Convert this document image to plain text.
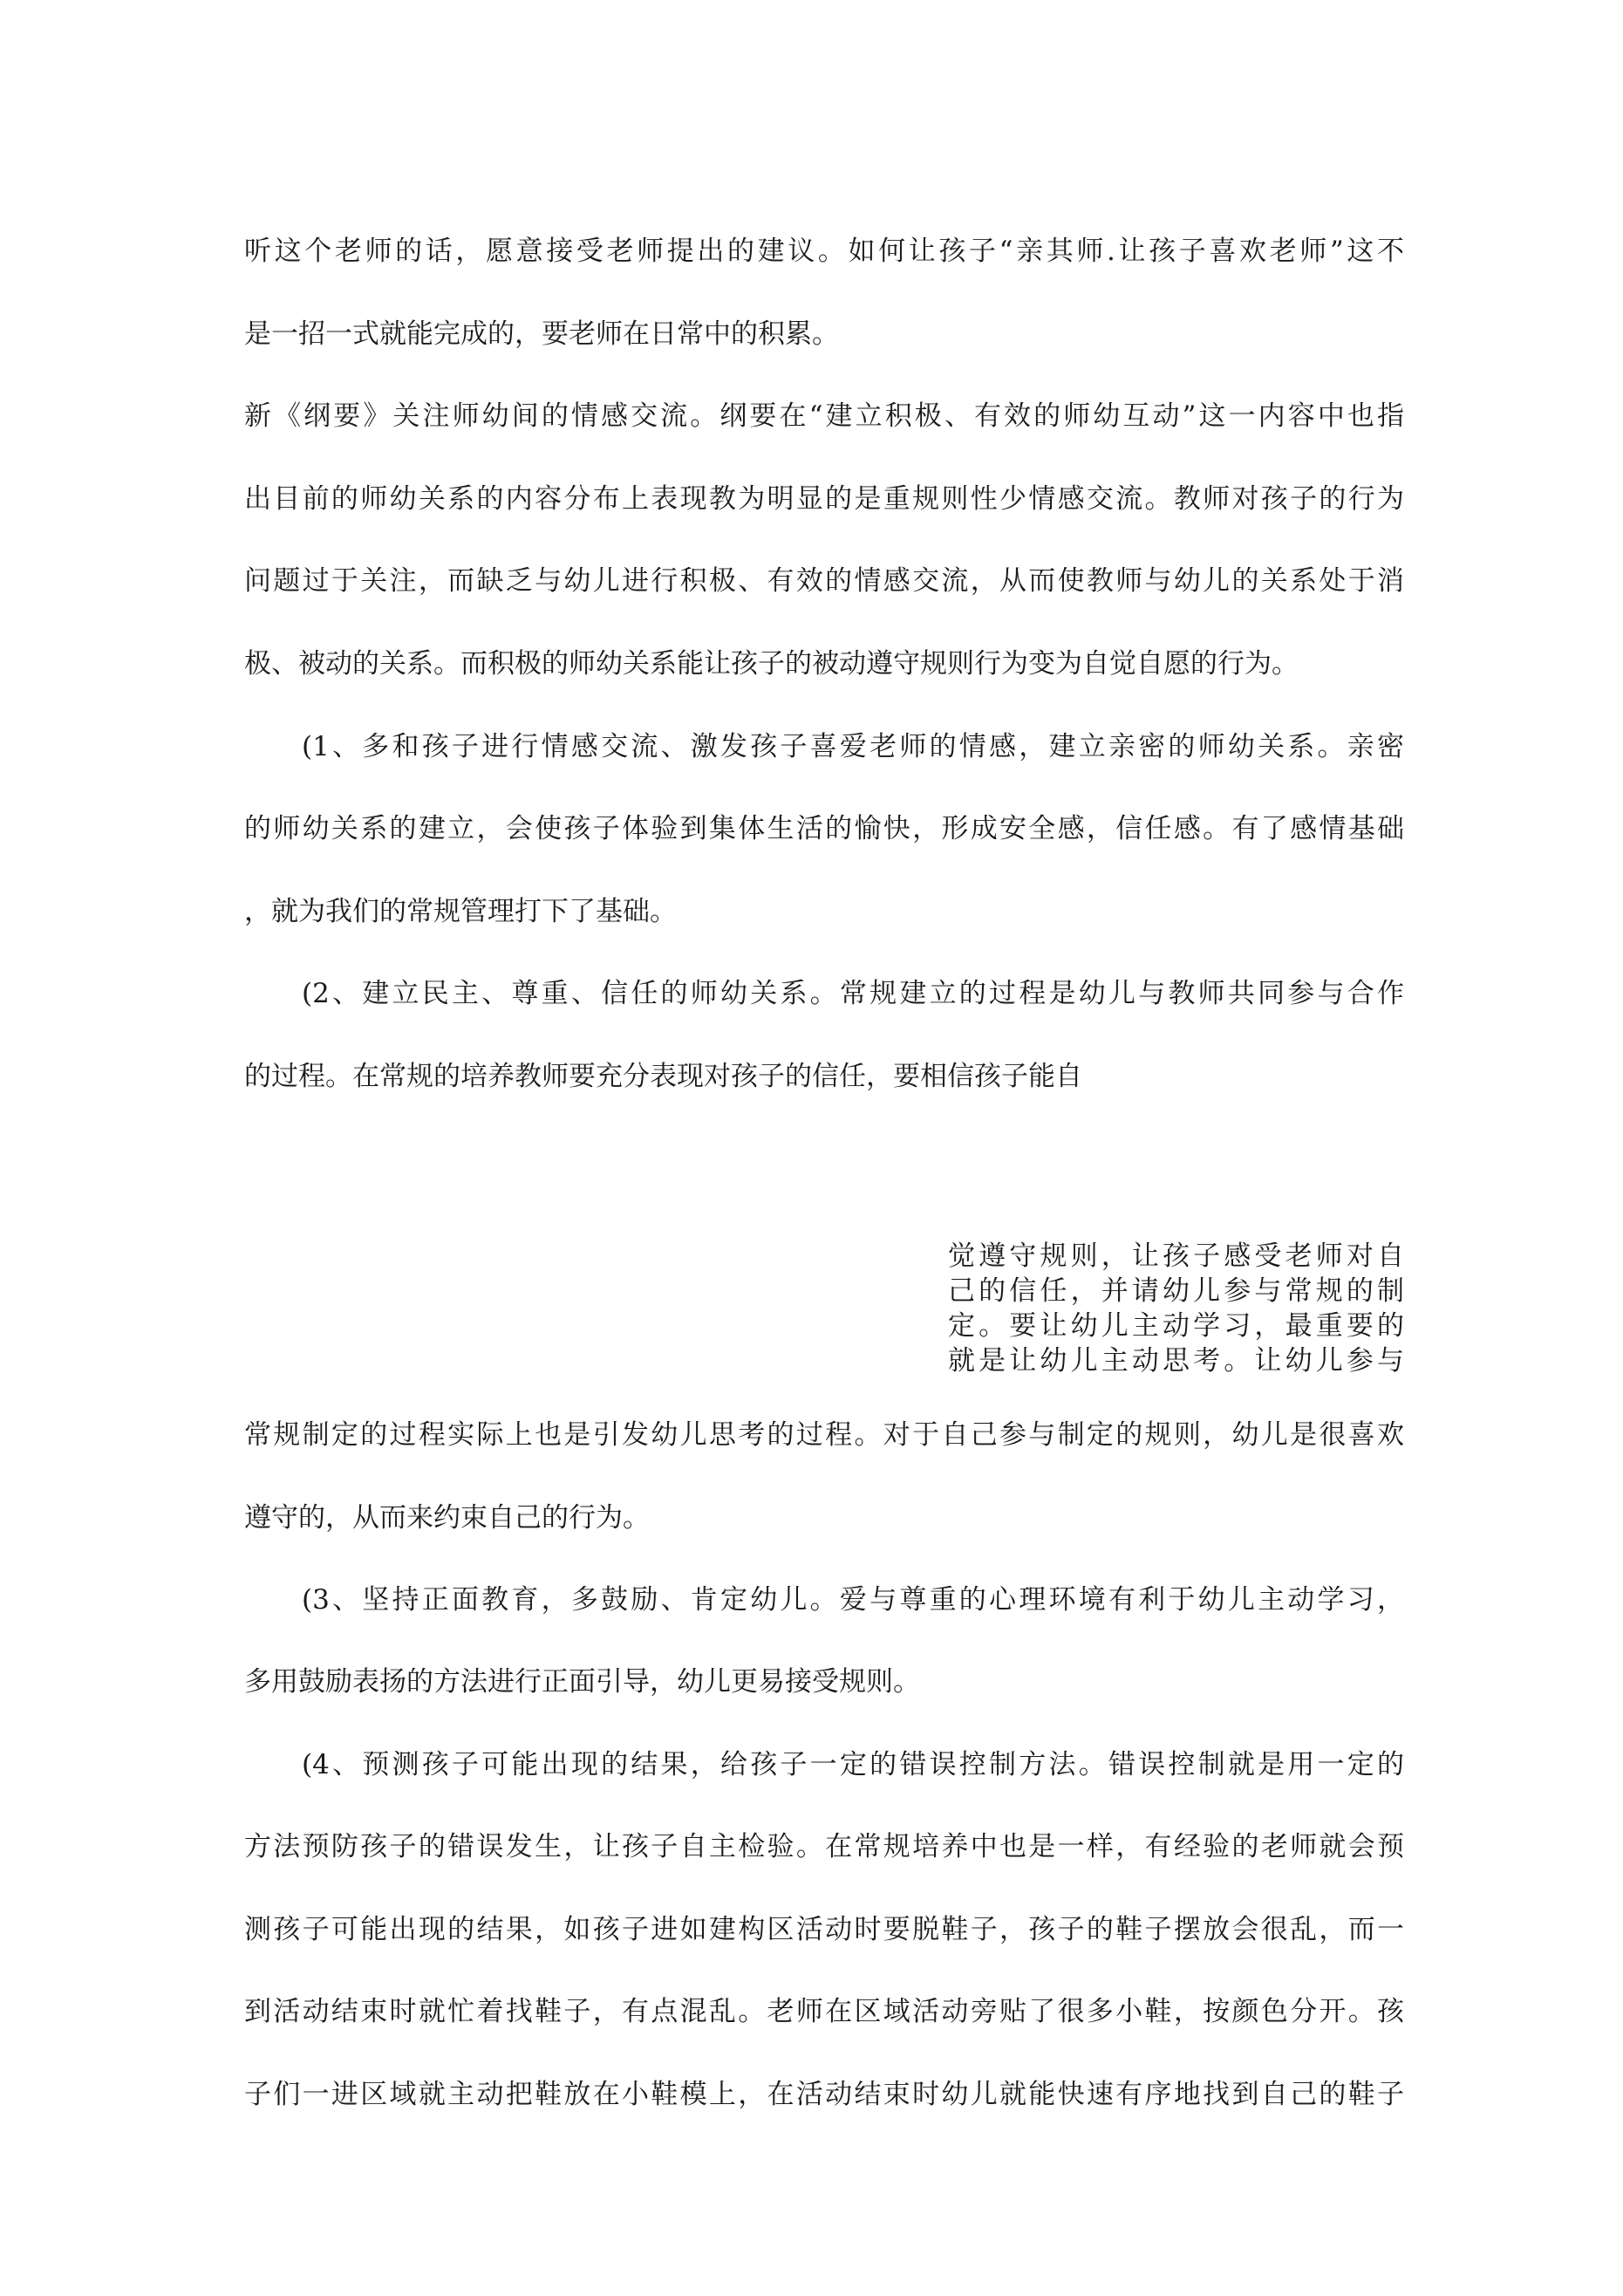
听这个老师的话，愿意接受老师提出的建议。如何让孩子“亲其师.让孩子喜欢老师”这不
是一招一式就能完成的，要老师在日常中的积累。
新《纲要》关注师幼间的情感交流。纲要在“建立积极、有效的师幼互动”这一内容中也指
出目前的师幼关系的内容分布上表现教为明显的是重规则性少情感交流。教师对孩子的行为
问题过于关注，而缺乏与幼儿进行积极、有效的情感交流，从而使教师与幼儿的关系处于消
极、被动的关系。而积极的师幼关系能让孩子的被动遵守规则行为变为自觉自愿的行为。
(1、多和孩子进行情感交流、激发孩子喜爱老师的情感，建立亲密的师幼关系。亲密
的师幼关系的建立，会使孩子体验到集体生活的愉快，形成安全感，信任感。有了感情基础
，就为我们的常规管理打下了基础。
(2、建立民主、尊重、信任的师幼关系。常规建立的过程是幼儿与教师共同参与合作
的过程。在常规的培养教师要充分表现对孩子的信任，要相信孩子能自
觉遵守规则，让孩子感受老师对自
己的信任，并请幼儿参与常规的制
定。要让幼儿主动学习，最重要的
就是让幼儿主动思考。让幼儿参与
常规制定的过程实际上也是引发幼儿思考的过程。对于自己参与制定的规则，幼儿是很喜欢
遵守的，从而来约束自己的行为。
(3、坚持正面教育，多鼓励、肯定幼儿。爱与尊重的心理环境有利于幼儿主动学习，
多用鼓励表扬的方法进行正面引导，幼儿更易接受规则。
(4、预测孩子可能出现的结果，给孩子一定的错误控制方法。错误控制就是用一定的
方法预防孩子的错误发生，让孩子自主检验。在常规培养中也是一样，有经验的老师就会预
测孩子可能出现的结果，如孩子进如建构区活动时要脱鞋子，孩子的鞋子摆放会很乱，而一
到活动结束时就忙着找鞋子，有点混乱。老师在区域活动旁贴了很多小鞋，按颜色分开。孩
子们一进区域就主动把鞋放在小鞋模上，在活动结束时幼儿就能快速有序地找到自己的鞋子
